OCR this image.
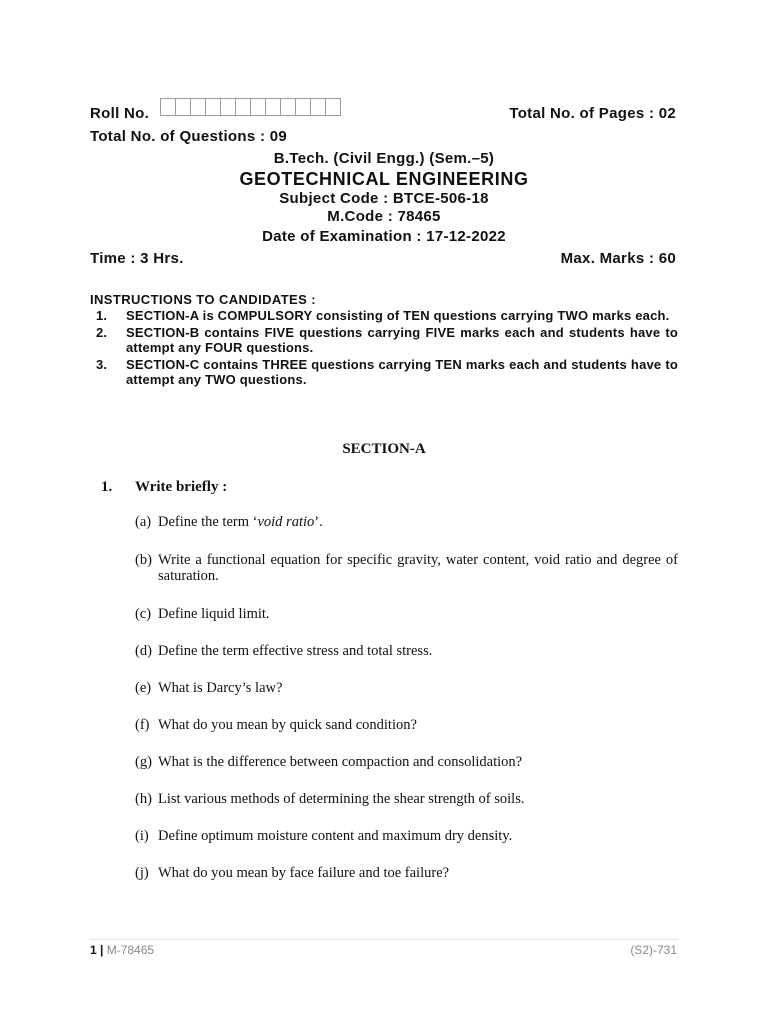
Roll No.	Total No. of Pages : 02
Total No. of Questions : 09
B.Tech. (Civil Engg.) (Sem.–5)
GEOTECHNICAL ENGINEERING
Subject Code : BTCE-506-18
M.Code : 78465
Date of Examination : 17-12-2022
Time : 3 Hrs.	Max. Marks : 60
INSTRUCTIONS TO CANDIDATES :
1.	SECTION-A is COMPULSORY consisting of TEN questions carrying TWO marks each.
2.	SECTION-B contains FIVE questions carrying FIVE marks each and students have to attempt any FOUR questions.
3.	SECTION-C contains THREE questions carrying TEN marks each and students have to attempt any TWO questions.
SECTION-A
1. Write briefly :
(a) Define the term ‘void ratio’.
(b) Write a functional equation for specific gravity, water content, void ratio and degree of saturation.
(c) Define liquid limit.
(d) Define the term effective stress and total stress.
(e) What is Darcy’s law?
(f) What do you mean by quick sand condition?
(g) What is the difference between compaction and consolidation?
(h) List various methods of determining the shear strength of soils.
(i) Define optimum moisture content and maximum dry density.
(j) What do you mean by face failure and toe failure?
1 | M-78465	(S2)-731
